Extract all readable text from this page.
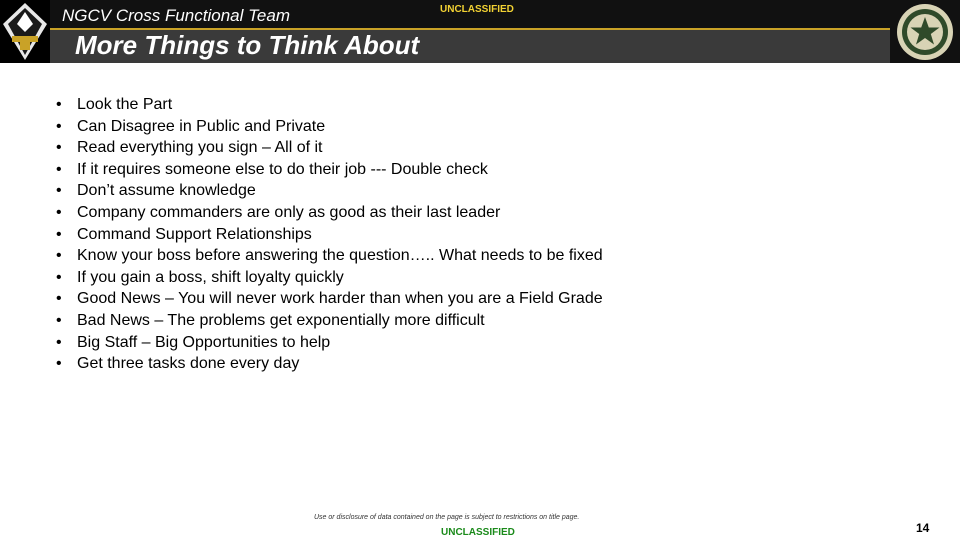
NGCV Cross Functional Team	UNCLASSIFIED
More Things to Think About
• Look the Part
• Can Disagree in Public and Private
• Read everything you sign – All of it
• If it requires someone else to do their job --- Double check
• Don’t assume knowledge
• Company commanders are only as good as their last leader
• Command Support Relationships
• Know your boss before answering the question….. What needs to be fixed
• If you gain a boss, shift loyalty quickly
• Good News – You will never work harder than when you are a Field Grade
• Bad News – The problems get exponentially more difficult
• Big Staff – Big Opportunities to help
• Get three tasks done every day
Use or disclosure of data contained on the page is subject to restrictions on title page.
UNCLASSIFIED	14
